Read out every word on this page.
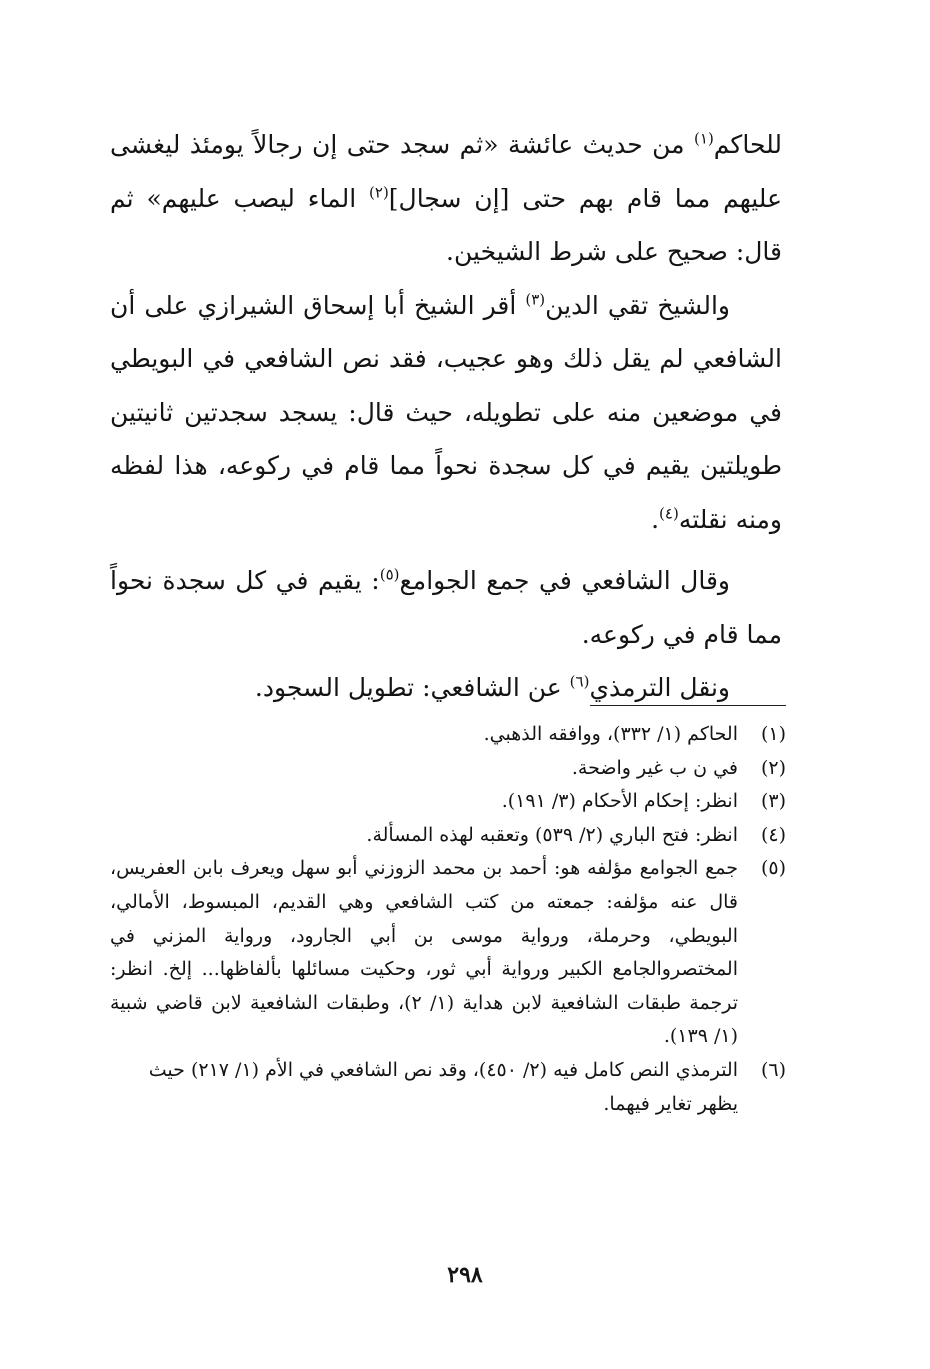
للحاكم$^{(١)}$ من حديث عائشة «ثم سجد حتى إن رجالاً يومئذ ليغشى عليهم مما قام بهم حتى [إن سجال]$^{(٢)}$ الماء ليصب عليهم» ثم قال: صحيح على شرط الشيخين.

والشيخ تقي الدين$^{(٣)}$ أقر الشيخ أبا إسحاق الشيرازي على أن الشافعي لم يقل ذلك وهو عجيب، فقد نص الشافعي في البويطي في موضعين منه على تطويله، حيث قال: يسجد سجدتين ثانيتين طويلتين يقيم في كل سجدة نحواً مما قام في ركوعه، هذا لفظه ومنه نقلته$^{(٤)}$.

وقال الشافعي في جمع الجوامع$^{(٥)}$: يقيم في كل سجدة نحواً مما قام في ركوعه.

ونقل الترمذي$^{(٦)}$ عن الشافعي: تطويل السجود.

(١)
الحاكم (١/ ٣٣٢)، ووافقه الذهبي.
(٢)
في ن ب غير واضحة.
(٣)
انظر: إحكام الأحكام (٣/ ١٩١).
(٤)
انظر: فتح الباري (٢/ ٥٣٩) وتعقبه لهذه المسألة.
(٥)
جمع الجوامع مؤلفه هو: أحمد بن محمد الزوزني أبو سهل ويعرف بابن العفريس، قال عنه مؤلفه: جمعته من كتب الشافعي وهي القديم، المبسوط، الأمالي، البويطي، وحرملة، ورواية موسى بن أبي الجارود، ورواية المزني في المختصروالجامع الكبير ورواية أبي ثور، وحكيت مسائلها بألفاظها... إلخ. انظر: ترجمة طبقات الشافعية لابن هداية (١/ ٢)، وطبقات الشافعية لابن قاضي شبية (١/ ١٣٩).
(٦)
الترمذي النص كامل فيه (٢/ ٤٥٠)، وقد نص الشافعي في الأم (١/ ٢١٧) حيث يظهر تغاير فيهما.
٢٩٨
